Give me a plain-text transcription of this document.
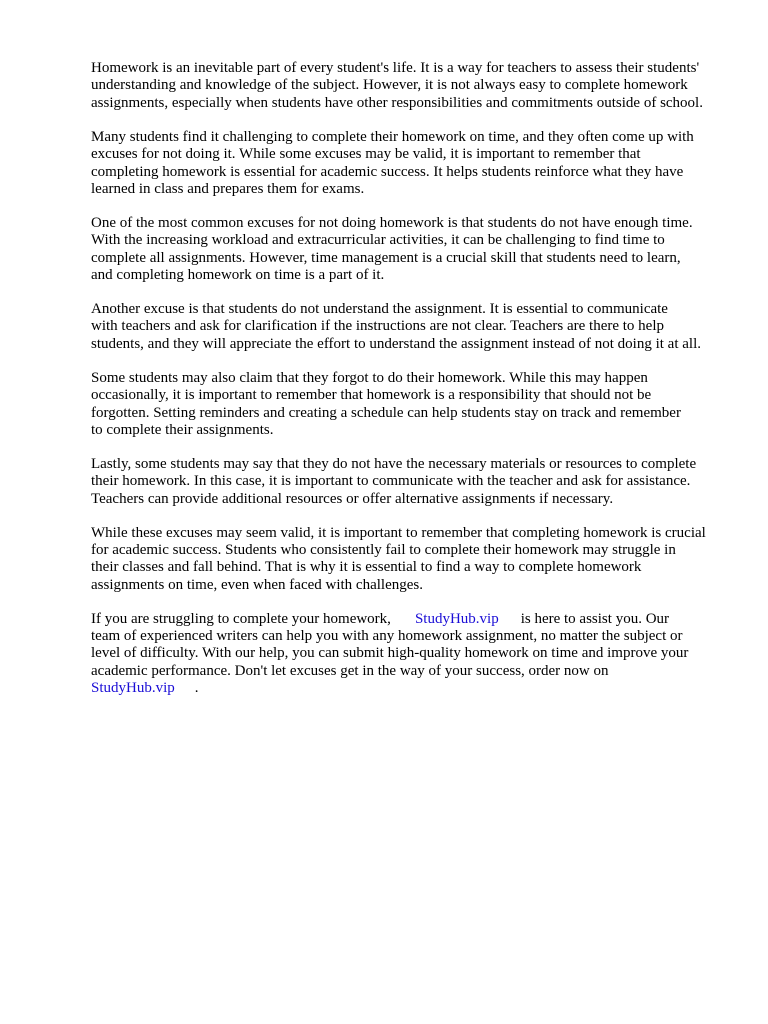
Homework is an inevitable part of every student's life. It is a way for teachers to assess their students'
understanding and knowledge of the subject. However, it is not always easy to complete homework
assignments, especially when students have other responsibilities and commitments outside of school.

Many students find it challenging to complete their homework on time, and they often come up with
excuses for not doing it. While some excuses may be valid, it is important to remember that
completing homework is essential for academic success. It helps students reinforce what they have
learned in class and prepares them for exams.

One of the most common excuses for not doing homework is that students do not have enough time.
With the increasing workload and extracurricular activities, it can be challenging to find time to
complete all assignments. However, time management is a crucial skill that students need to learn,
and completing homework on time is a part of it.

Another excuse is that students do not understand the assignment. It is essential to communicate
with teachers and ask for clarification if the instructions are not clear. Teachers are there to help
students, and they will appreciate the effort to understand the assignment instead of not doing it at all.

Some students may also claim that they forgot to do their homework. While this may happen
occasionally, it is important to remember that homework is a responsibility that should not be
forgotten. Setting reminders and creating a schedule can help students stay on track and remember
to complete their assignments.

Lastly, some students may say that they do not have the necessary materials or resources to complete
their homework. In this case, it is important to communicate with the teacher and ask for assistance.
Teachers can provide additional resources or offer alternative assignments if necessary.

While these excuses may seem valid, it is important to remember that completing homework is crucial
for academic success. Students who consistently fail to complete their homework may struggle in
their classes and fall behind. That is why it is essential to find a way to complete homework
assignments on time, even when faced with challenges.

If you are struggling to complete your homework, StudyHub.vip is here to assist you. Our
team of experienced writers can help you with any homework assignment, no matter the subject or
level of difficulty. With our help, you can submit high-quality homework on time and improve your
academic performance. Don't let excuses get in the way of your success, order now on
StudyHub.vip .
